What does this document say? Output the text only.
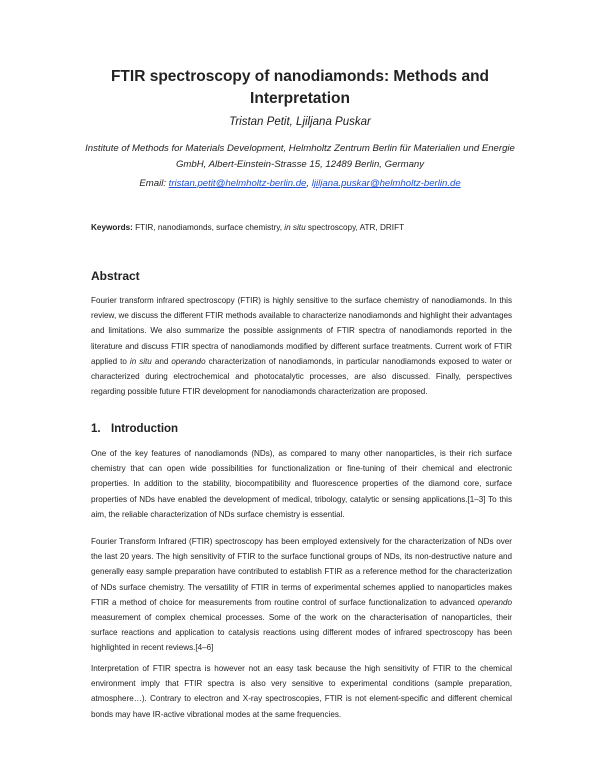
FTIR spectroscopy of nanodiamonds: Methods and Interpretation
Tristan Petit, Ljiljana Puskar
Institute of Methods for Materials Development, Helmholtz Zentrum Berlin für Materialien und Energie GmbH, Albert-Einstein-Strasse 15, 12489 Berlin, Germany
Email: tristan.petit@helmholtz-berlin.de, ljiljana.puskar@helmholtz-berlin.de
Keywords: FTIR, nanodiamonds, surface chemistry, in situ spectroscopy, ATR, DRIFT
Abstract
Fourier transform infrared spectroscopy (FTIR) is highly sensitive to the surface chemistry of nanodiamonds. In this review, we discuss the different FTIR methods available to characterize nanodiamonds and highlight their advantages and limitations. We also summarize the possible assignments of FTIR spectra of nanodiamonds reported in the literature and discuss FTIR spectra of nanodiamonds modified by different surface treatments. Current work of FTIR applied to in situ and operando characterization of nanodiamonds, in particular nanodiamonds exposed to water or characterized during electrochemical and photocatalytic processes, are also discussed. Finally, perspectives regarding possible future FTIR development for nanodiamonds characterization are proposed.
1. Introduction
One of the key features of nanodiamonds (NDs), as compared to many other nanoparticles, is their rich surface chemistry that can open wide possibilities for functionalization or fine-tuning of their chemical and electronic properties. In addition to the stability, biocompatibility and fluorescence properties of the diamond core, surface properties of NDs have enabled the development of medical, tribology, catalytic or sensing applications.[1–3] To this aim, the reliable characterization of NDs surface chemistry is essential.
Fourier Transform Infrared (FTIR) spectroscopy has been employed extensively for the characterization of NDs over the last 20 years. The high sensitivity of FTIR to the surface functional groups of NDs, its non-destructive nature and generally easy sample preparation have contributed to establish FTIR as a reference method for the characterization of NDs surface chemistry. The versatility of FTIR in terms of experimental schemes applied to nanoparticles makes FTIR a method of choice for measurements from routine control of surface functionalization to advanced operando measurement of complex chemical processes. Some of the work on the characterisation of nanoparticles, their surface reactions and application to catalysis reactions using different modes of infrared spectroscopy has been highlighted in recent reviews.[4–6]
Interpretation of FTIR spectra is however not an easy task because the high sensitivity of FTIR to the chemical environment imply that FTIR spectra is also very sensitive to experimental conditions (sample preparation, atmosphere…). Contrary to electron and X-ray spectroscopies, FTIR is not element-specific and different chemical bonds may have IR-active vibrational modes at the same frequencies.
